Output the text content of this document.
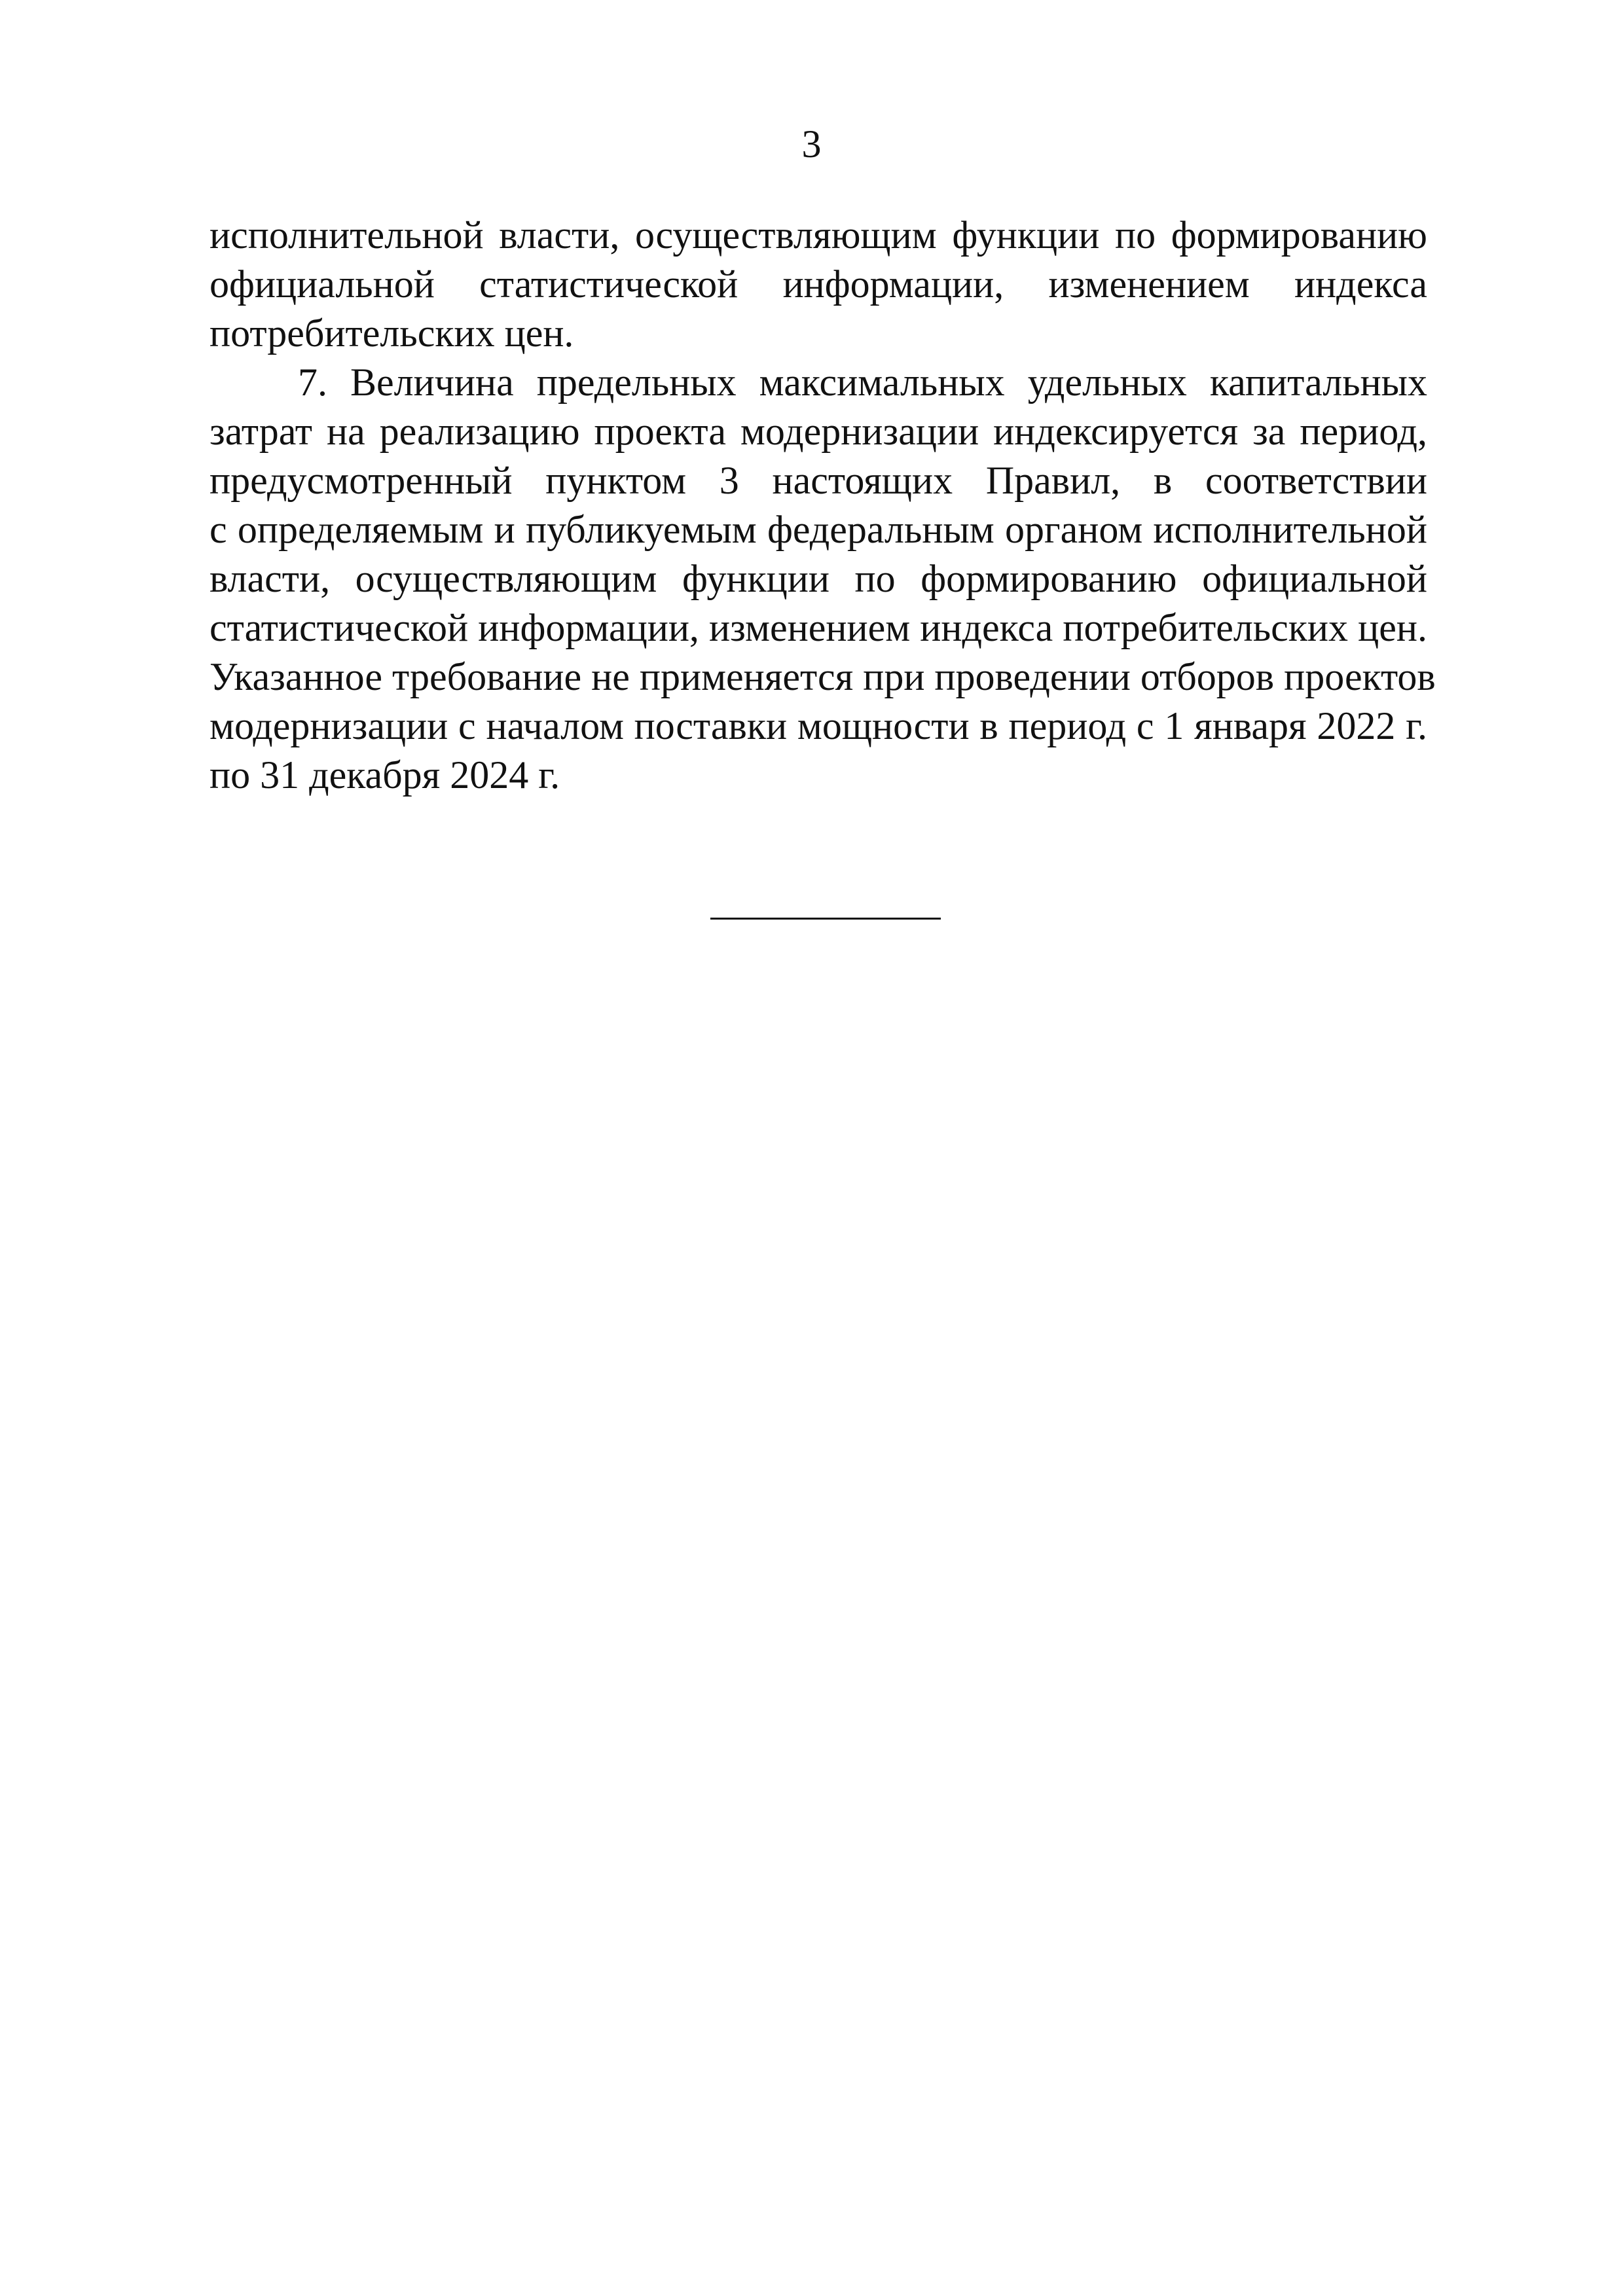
3
исполнительной власти, осуществляющим функции по формированию
официальной статистической информации, изменением индекса
потребительских цен.
7. Величина предельных максимальных удельных капитальных
затрат на реализацию проекта модернизации индексируется за период,
предусмотренный пунктом 3 настоящих Правил, в соответствии
с определяемым и публикуемым федеральным органом исполнительной
власти, осуществляющим функции по формированию официальной
статистической информации, изменением индекса потребительских цен.
Указанное требование не применяется при проведении отборов проектов
модернизации с началом поставки мощности в период с 1 января 2022 г.
по 31 декабря 2024 г.
